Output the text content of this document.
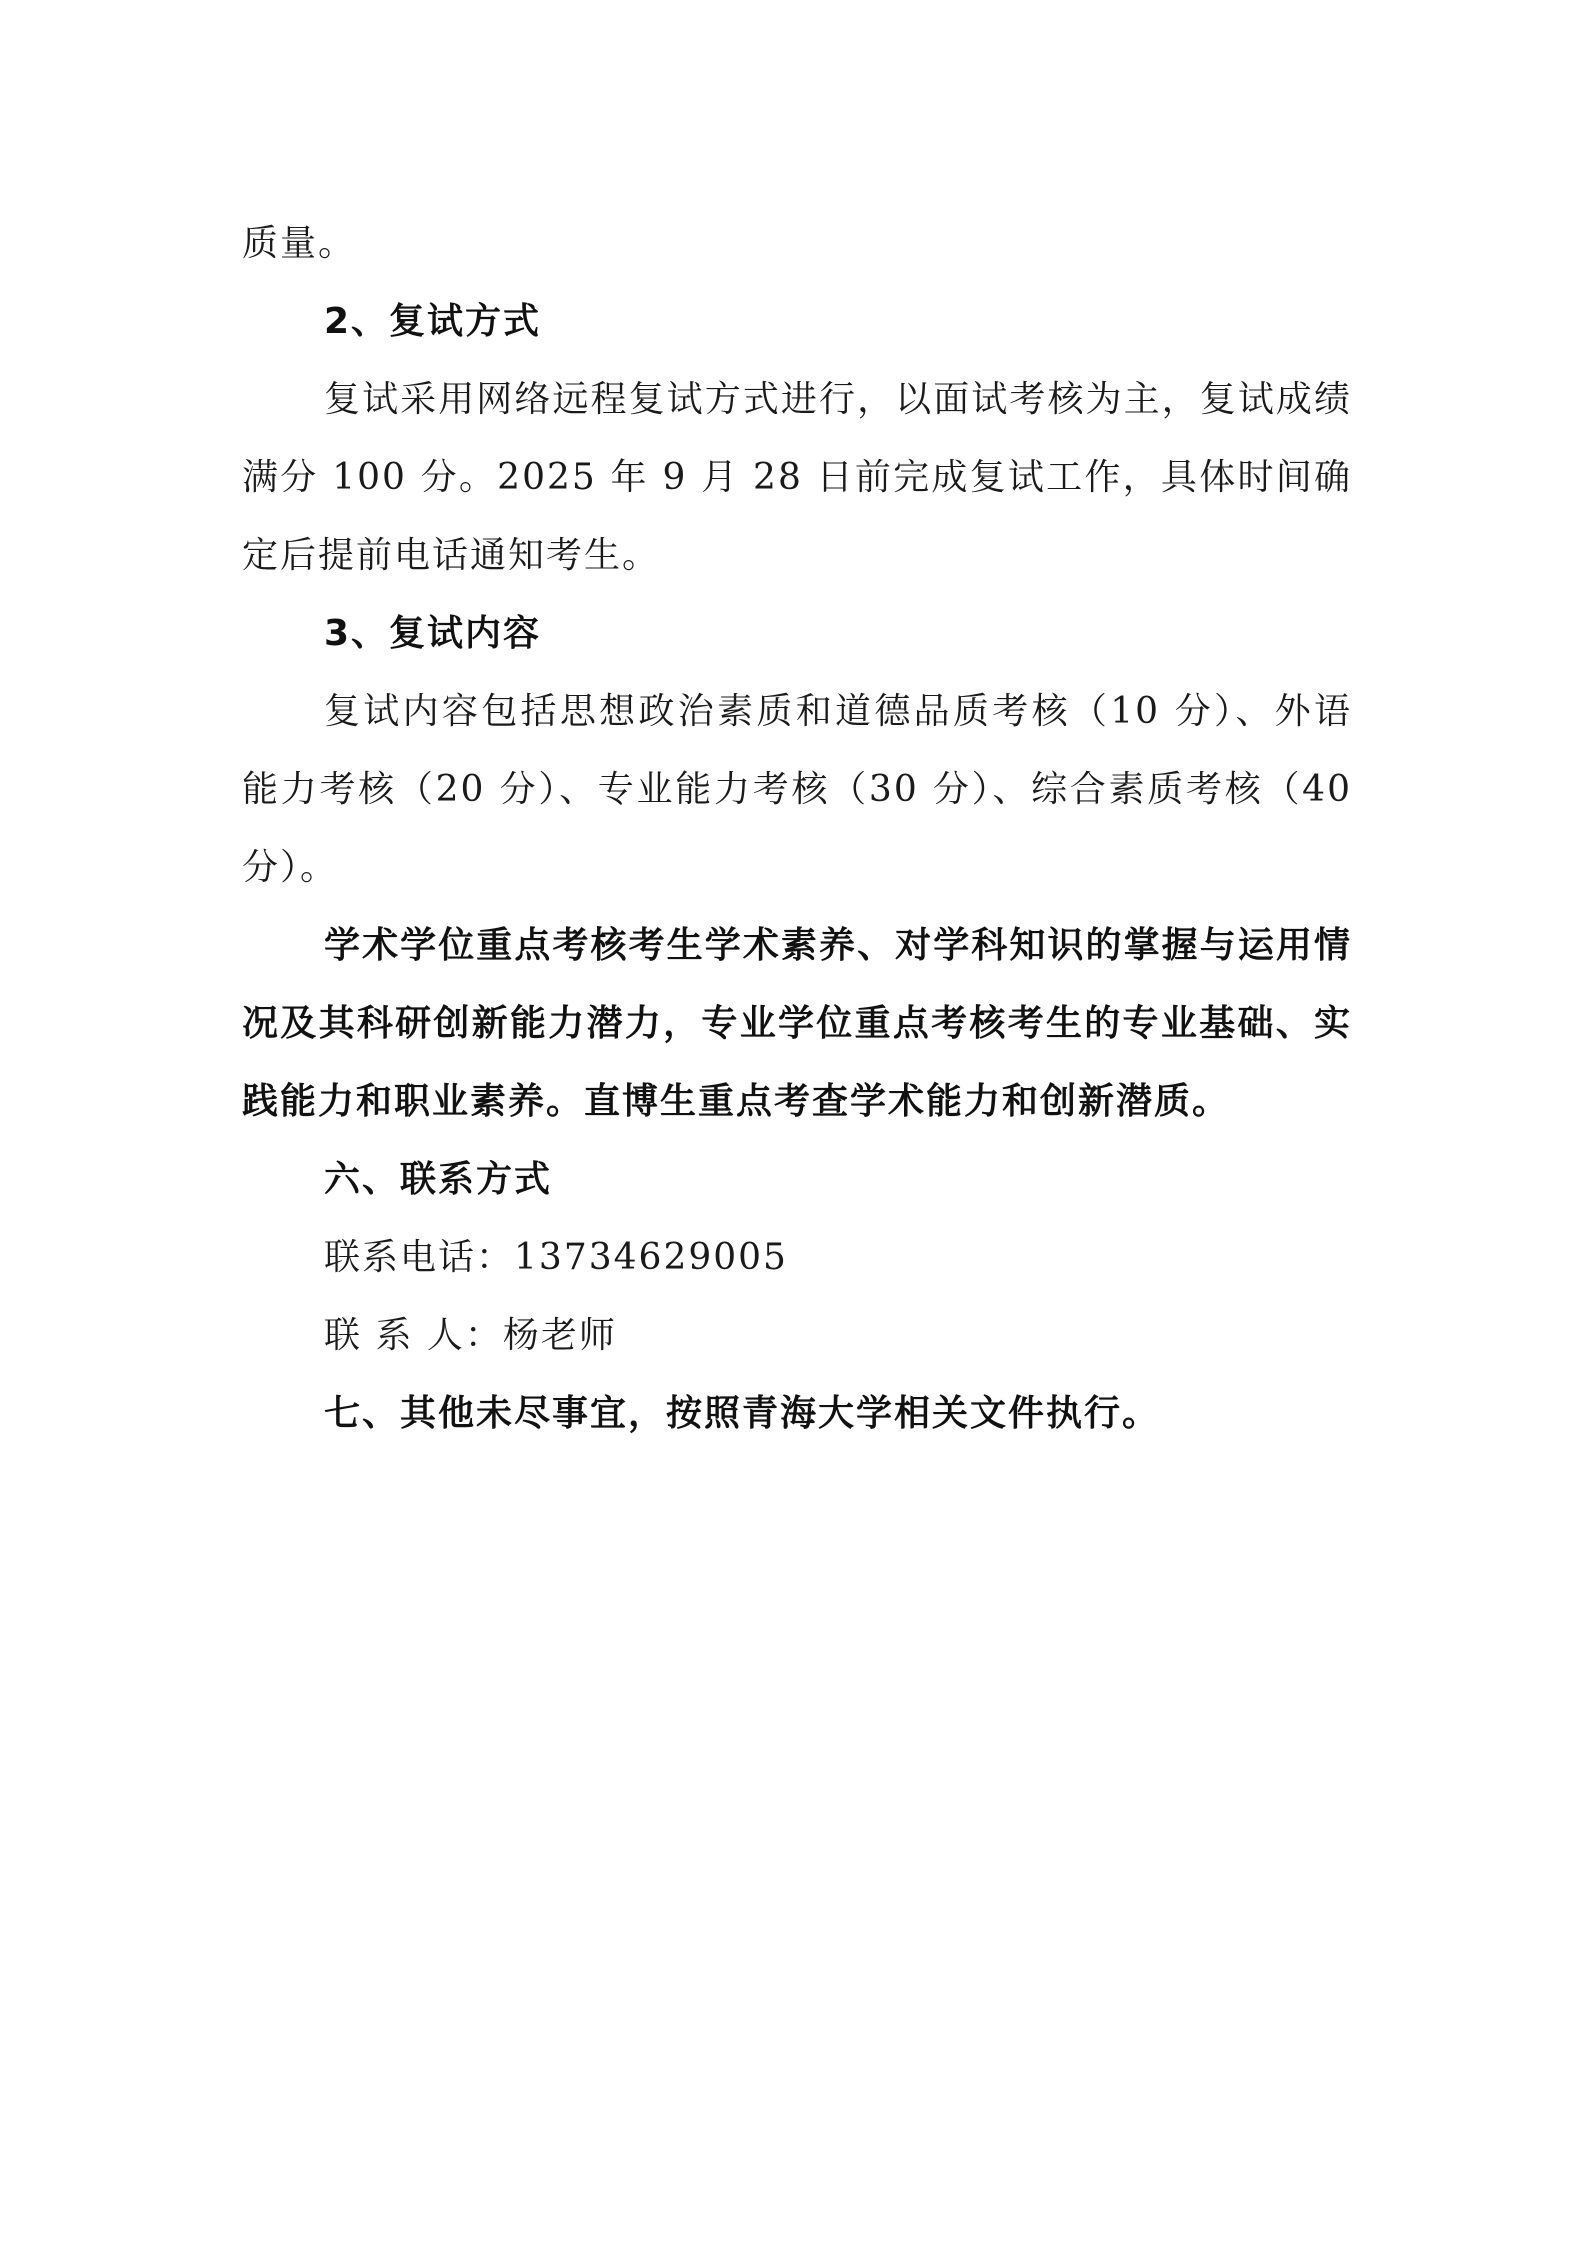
质量。

2、复试方式

复试采用网络远程复试方式进行，以面试考核为主，复试成绩满分 100 分。2025 年 9 月 28 日前完成复试工作，具体时间确定后提前电话通知考生。

3、复试内容

复试内容包括思想政治素质和道德品质考核（10 分）、外语能力考核（20 分）、专业能力考核（30 分）、综合素质考核（40 分）。

学术学位重点考核考生学术素养、对学科知识的掌握与运用情况及其科研创新能力潜力，专业学位重点考核考生的专业基础、实践能力和职业素养。直博生重点考查学术能力和创新潜质。

六、联系方式

联系电话：13734629005

联 系 人：杨老师

七、其他未尽事宜，按照青海大学相关文件执行。
